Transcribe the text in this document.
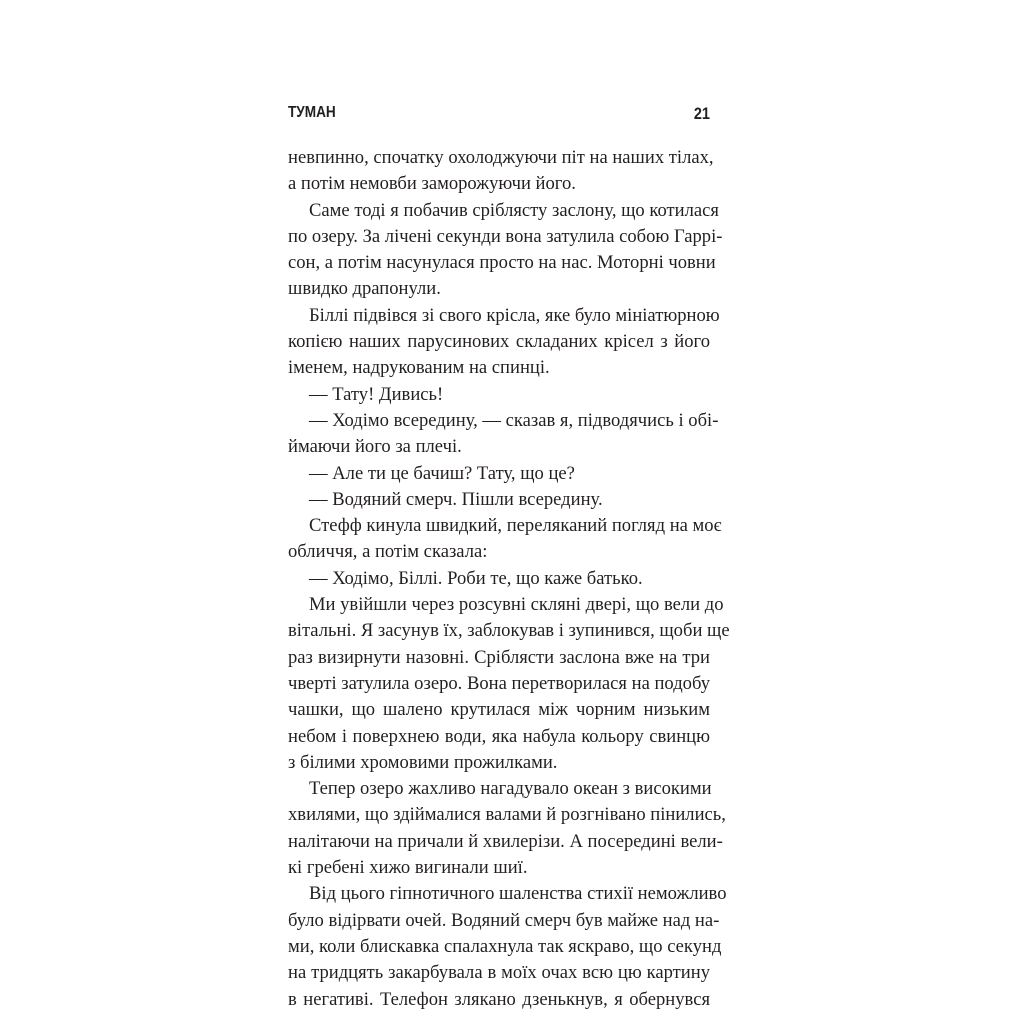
ТУМАН	21
невпинно, спочатку охолоджуючи піт на наших тілах,
а потім немовби заморожуючи його.
Саме тоді я побачив сріблясту заслону, що котилася
по озеру. За лічені секунди вона затулила собою Гаррі-
сон, а потім насунулася просто на нас. Моторні човни
швидко драпонули.
Біллі підвівся зі свого крісла, яке було мініатюрною
копією наших парусинових складаних крісел з його
іменем, надрукованим на спинці.
— Тату! Дивись!
— Ходімо всередину, — сказав я, підводячись і обі-
ймаючи його за плечі.
— Але ти це бачиш? Тату, що це?
— Водяний смерч. Пішли всередину.
Стефф кинула швидкий, переляканий погляд на моє
обличчя, а потім сказала:
— Ходімо, Біллі. Роби те, що каже батько.
Ми увійшли через розсувні скляні двері, що вели до
вітальні. Я засунув їх, заблокував і зупинився, щоби ще
раз визирнути назовні. Сріблясти заслона вже на три
чверті затулила озеро. Вона перетворилася на подобу
чашки, що шалено крутилася між чорним низьким
небом і поверхнею води, яка набула кольору свинцю
з білими хромовими прожилками.
Тепер озеро жахливо нагадувало океан з високими
хвилями, що здіймалися валами й розгнівано пінились,
налітаючи на причали й хвилерізи. А посередині вели-
кі гребені хижо вигинали шиї.
Від цього гіпнотичного шаленства стихії неможливо
було відірвати очей. Водяний смерч був майже над на-
ми, коли блискавка спалахнула так яскраво, що секунд
на тридцять закарбувала в моїх очах всю цю картину
в негативі. Телефон злякано дзенькнув, я обернувся
